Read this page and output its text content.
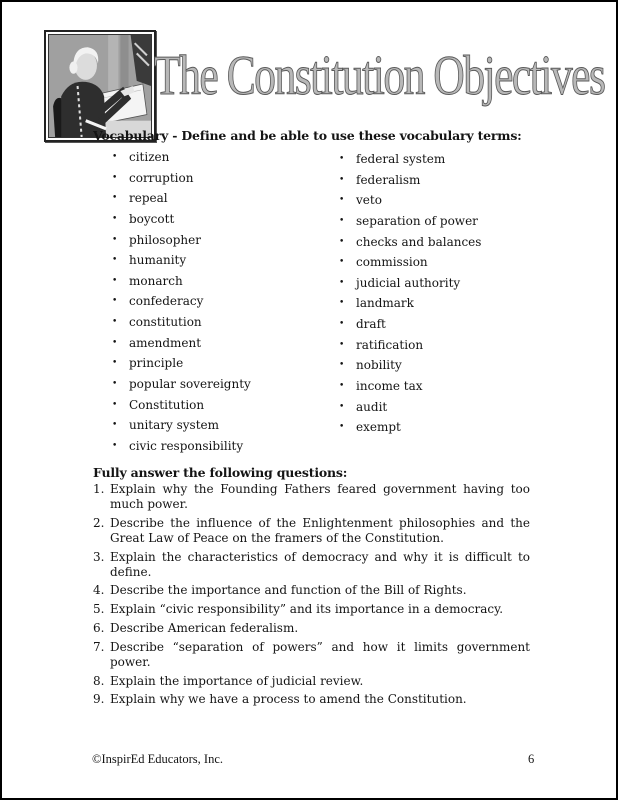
The Constitution Objectives
Vocabulary - Define and be able to use these vocabulary terms:
• citizen
• corruption
• repeal
• boycott
• philosopher
• humanity
• monarch
• confederacy
• constitution
• amendment
• principle
• popular sovereignty
• Constitution
• unitary system
• civic responsibility
• federal system
• federalism
• veto
• separation of power
• checks and balances
• commission
• judicial authority
• landmark
• draft
• ratification
• nobility
• income tax
• audit
• exempt
Fully answer the following questions:
1. Explain why the Founding Fathers feared government having too much power.
2. Describe the influence of the Enlightenment philosophies and the Great Law of Peace on the framers of the Constitution.
3. Explain the characteristics of democracy and why it is difficult to define.
4. Describe the importance and function of the Bill of Rights.
5. Explain “civic responsibility” and its importance in a democracy.
6. Describe American federalism.
7. Describe “separation of powers” and how it limits government power.
8. Explain the importance of judicial review.
9. Explain why we have a process to amend the Constitution.
©InspirEd Educators, Inc.	6
